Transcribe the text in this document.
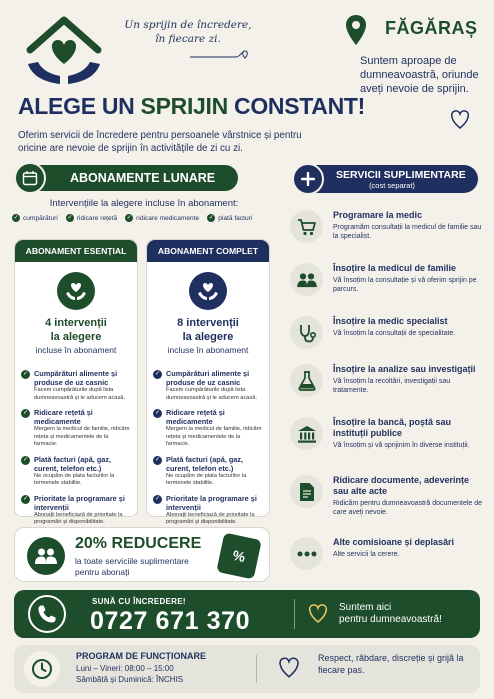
Un sprijin de încredere,
în fiecare zi.
FĂGĂRAȘ
Suntem aproape de dumneavoastră, oriunde aveți nevoie de sprijin.
ALEGE UN SPRIJIN CONSTANT!
Oferim servicii de încredere pentru persoanele vârstnice și pentru oricine are nevoie de sprijin în activitățile de zi cu zi.
ABONAMENTE LUNARE
Intervențiile la alegere incluse în abonament:
✓ cumpărături ✓ ridicare rețetă ✓ ridicare medicamente ✓ plată facturi
ABONAMENT ESENȚIAL
4 intervenții
la alegere
incluse în abonament
✓ Cumpărături alimente și produse de uz casnic
Facem cumpărăturile după lista dumneavoastră și le aducem acasă.
✓ Ridicare rețetă și medicamente
Mergem la medicul de familie, ridicăm rețeta și medicamentele de la farmacie.
✓ Plată facturi (apă, gaz, curent, telefon etc.)
Ne ocupăm de plata facturilor la termenele stabilite.
✓ Prioritate la programare și intervenții
Abonații beneficiază de prioritate la programări și disponibilitate.
ABONAMENT COMPLET
8 intervenții
la alegere
incluse în abonament
✓ Cumpărături alimente și produse de uz casnic
Facem cumpărăturile după lista dumneavoastră și le aducem acasă.
✓ Ridicare rețetă și medicamente
Mergem la medicul de familie, ridicăm rețeta și medicamentele de la farmacie.
✓ Plată facturi (apă, gaz, curent, telefon etc.)
Ne ocupăm de plata facturilor la termenele stabilite.
✓ Prioritate la programare și intervenții
Abonații beneficiază de prioritate la programări și disponibilitate.
20% REDUCERE
la toate serviciile suplimentare pentru abonați
%
SERVICII SUPLIMENTARE
(cost separat)
Programare la medic
Programăm consultații la medicul de familie sau la specialist.
Însoțire la medicul de familie
Vă însoțim la consultație și vă oferim sprijin pe parcurs.
Însoțire la medic specialist
Vă însoțim la consultații de specialitate.
Însoțire la analize sau investigații
Vă însoțim la recoltări, investigații sau tratamente.
Însoțire la bancă, poștă sau instituții publice
Vă însoțim și vă sprijinim în diverse instituții.
Ridicare documente, adeverințe sau alte acte
Ridicăm pentru dumneavoastră documentele de care aveți nevoie.
Alte comisioane și deplasări
Alte servicii la cerere.
SUNĂ CU ÎNCREDERE!
0727 671 370	Suntem aici
pentru dumneavoastră!
PROGRAM DE FUNCȚIONARE
Luni – Vineri: 08:00 – 15:00
Sâmbătă și Duminică: ÎNCHIS
Respect, răbdare, discreție și grijă la fiecare pas.
